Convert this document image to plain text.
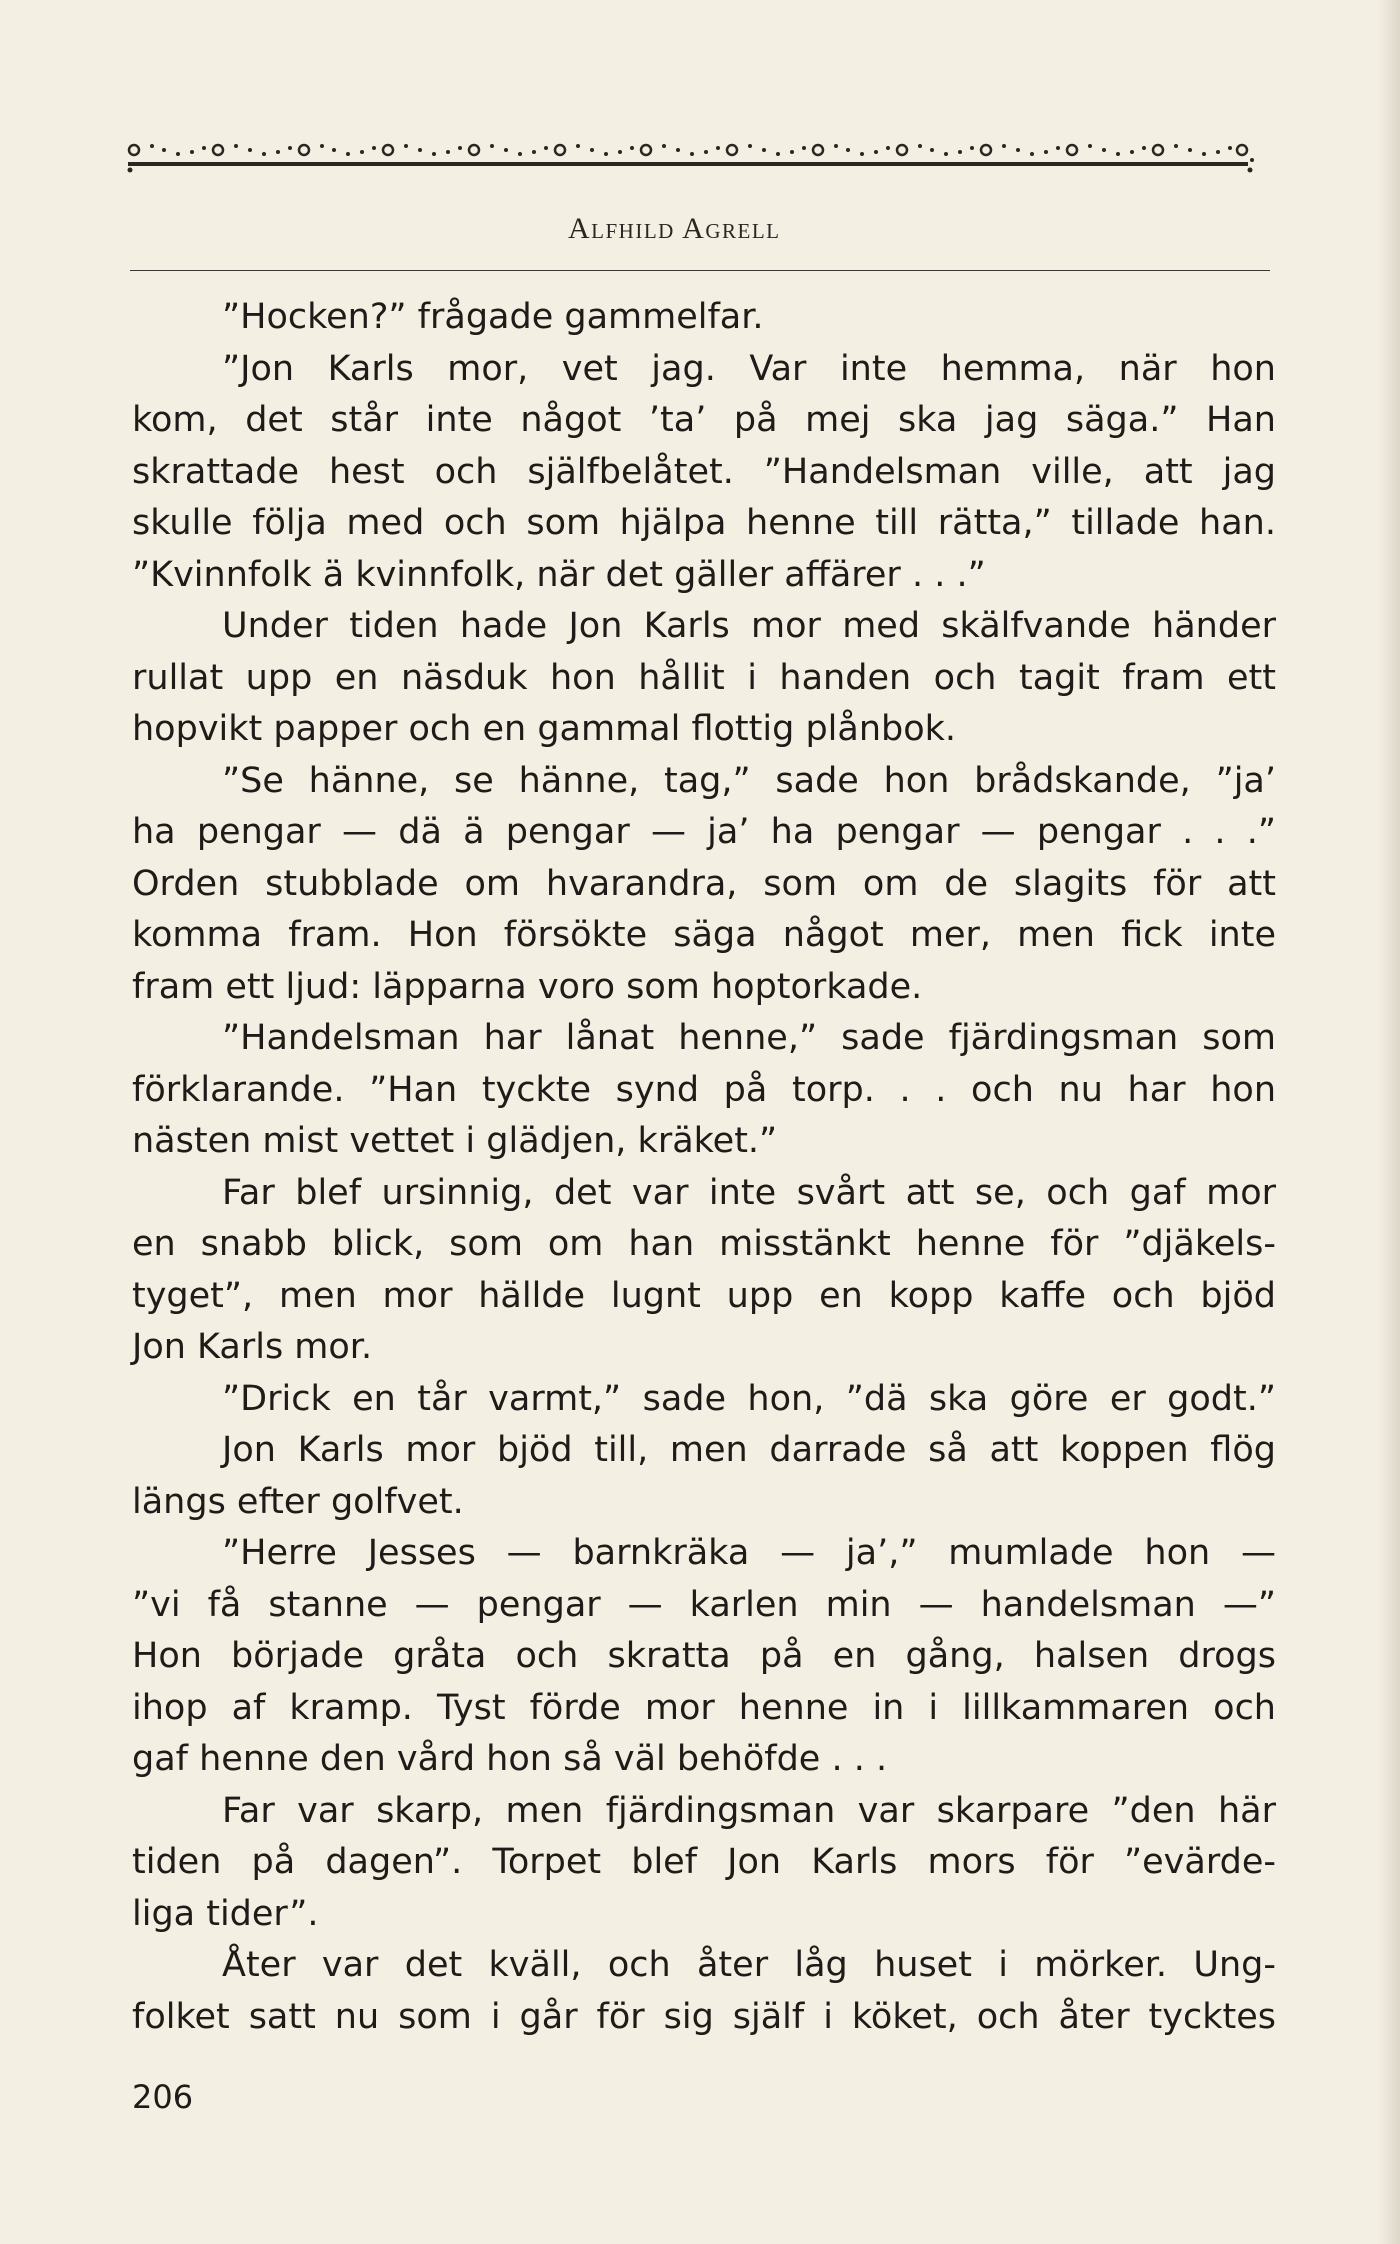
Alfhild Agrell
”Hocken?” frågade gammelfar.
”Jon Karls mor, vet jag. Var inte hemma, när hon
kom, det står inte något ’ta’ på mej ska jag säga.” Han
skrattade hest och själfbelåtet. ”Handelsman ville, att jag
skulle följa med och som hjälpa henne till rätta,” tillade han.
”Kvinnfolk ä kvinnfolk, när det gäller affärer . . .”
Under tiden hade Jon Karls mor med skälfvande händer
rullat upp en näsduk hon hållit i handen och tagit fram ett
hopvikt papper och en gammal flottig plånbok.
”Se hänne, se hänne, tag,” sade hon brådskande, ”ja’
ha pengar — dä ä pengar — ja’ ha pengar — pengar . . .”
Orden stubblade om hvarandra, som om de slagits för att
komma fram. Hon försökte säga något mer, men fick inte
fram ett ljud: läpparna voro som hoptorkade.
”Handelsman har lånat henne,” sade fjärdingsman som
förklarande. ”Han tyckte synd på torp. . . och nu har hon
nästen mist vettet i glädjen, kräket.”
Far blef ursinnig, det var inte svårt att se, och gaf mor
en snabb blick, som om han misstänkt henne för ”djäkels-
tyget”, men mor hällde lugnt upp en kopp kaffe och bjöd
Jon Karls mor.
”Drick en tår varmt,” sade hon, ”dä ska göre er godt.”
Jon Karls mor bjöd till, men darrade så att koppen flög
längs efter golfvet.
”Herre Jesses — barnkräka — ja’,” mumlade hon —
”vi få stanne — pengar — karlen min — handelsman —”
Hon började gråta och skratta på en gång, halsen drogs
ihop af kramp. Tyst förde mor henne in i lillkammaren och
gaf henne den vård hon så väl behöfde . . .
Far var skarp, men fjärdingsman var skarpare ”den här
tiden på dagen”. Torpet blef Jon Karls mors för ”evärde-
liga tider”.
Åter var det kväll, och åter låg huset i mörker. Ung-
folket satt nu som i går för sig själf i köket, och åter tycktes
206
